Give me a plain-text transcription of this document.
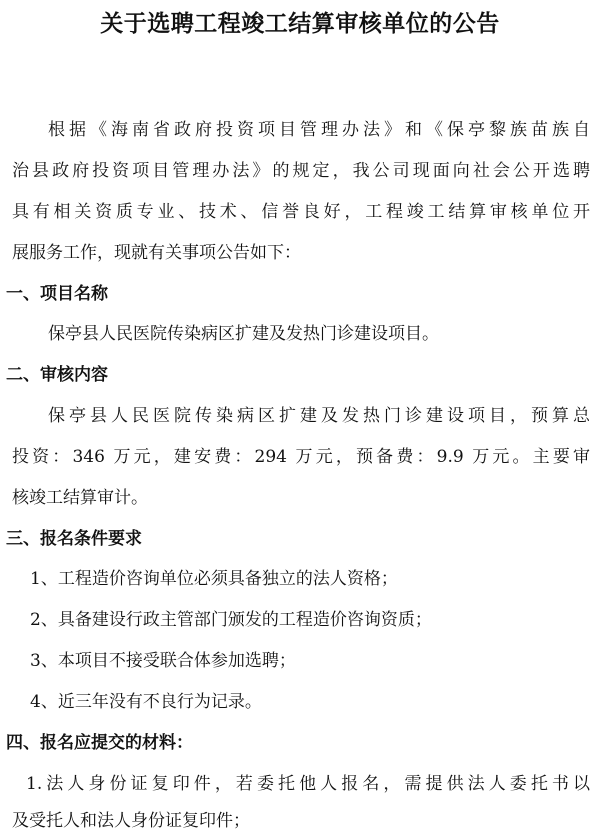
关于选聘工程竣工结算审核单位的公告
根据《海南省政府投资项目管理办法》和《保亭黎族苗族自
治县政府投资项目管理办法》的规定，我公司现面向社会公开选聘
具有相关资质专业、技术、信誉良好，工程竣工结算审核单位开
展服务工作，现就有关事项公告如下：
一、项目名称
保亭县人民医院传染病区扩建及发热门诊建设项目。
二、审核内容
保亭县人民医院传染病区扩建及发热门诊建设项目，预算总
投资：346 万元，建安费：294 万元，预备费：9.9 万元。主要审
核竣工结算审计。
三、报名条件要求
1、工程造价咨询单位必须具备独立的法人资格；
2、具备建设行政主管部门颁发的工程造价咨询资质；
3、本项目不接受联合体参加选聘；
4、近三年没有不良行为记录。
四、报名应提交的材料：
1.法人身份证复印件，若委托他人报名，需提供法人委托书以
及受托人和法人身份证复印件；
